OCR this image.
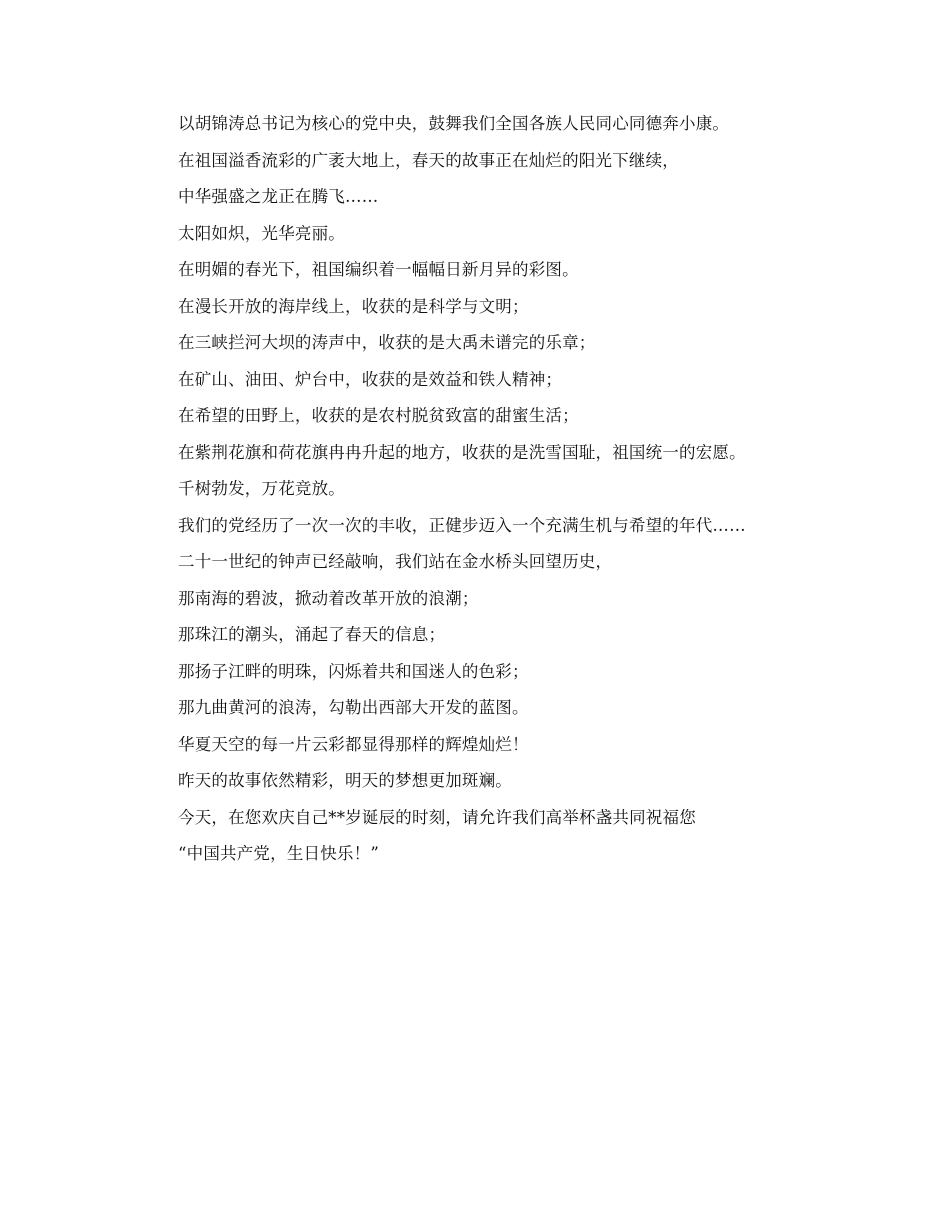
以胡锦涛总书记为核心的党中央，鼓舞我们全国各族人民同心同德奔小康。
在祖国溢香流彩的广袤大地上，春天的故事正在灿烂的阳光下继续，
中华强盛之龙正在腾飞……
太阳如炽，光华亮丽。
在明媚的春光下，祖国编织着一幅幅日新月异的彩图。
在漫长开放的海岸线上，收获的是科学与文明；
在三峡拦河大坝的涛声中，收获的是大禹未谱完的乐章；
在矿山、油田、炉台中，收获的是效益和铁人精神；
在希望的田野上，收获的是农村脱贫致富的甜蜜生活；
在紫荆花旗和荷花旗冉冉升起的地方，收获的是洗雪国耻，祖国统一的宏愿。
千树勃发，万花竞放。
我们的党经历了一次一次的丰收，正健步迈入一个充满生机与希望的年代……
二十一世纪的钟声已经敲响，我们站在金水桥头回望历史，
那南海的碧波，掀动着改革开放的浪潮；
那珠江的潮头，涌起了春天的信息；
那扬子江畔的明珠，闪烁着共和国迷人的色彩；
那九曲黄河的浪涛，勾勒出西部大开发的蓝图。
华夏天空的每一片云彩都显得那样的辉煌灿烂！
昨天的故事依然精彩，明天的梦想更加斑斓。
今天，在您欢庆自己**岁诞辰的时刻，请允许我们高举杯盏共同祝福您
“中国共产党，生日快乐！”
